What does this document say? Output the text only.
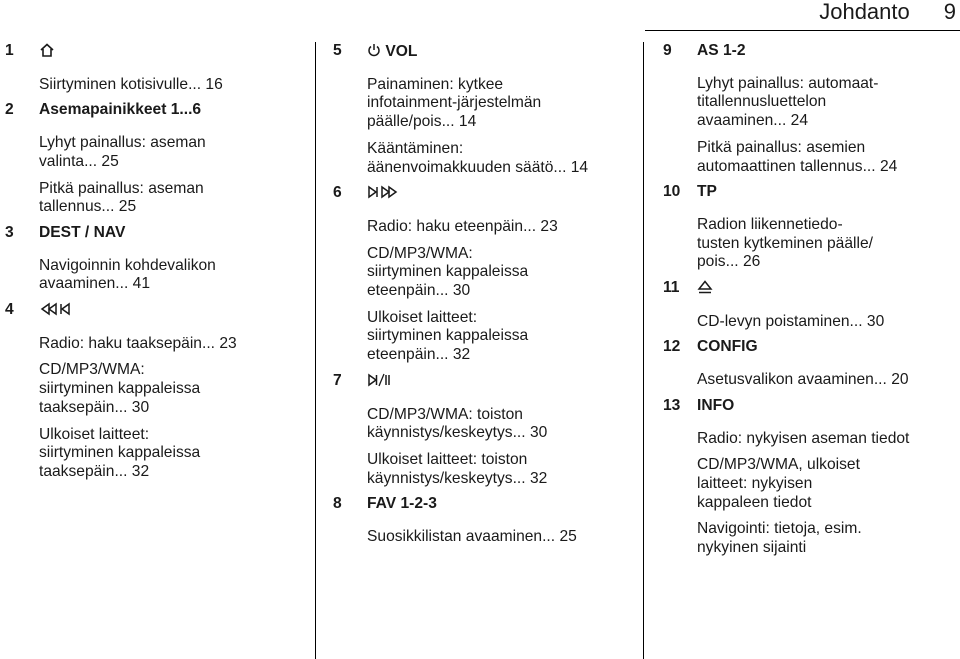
Johdanto 9
1
Siirtyminen kotisivulle... 16
2 Asemapainikkeet 1...6
Lyhyt painallus: aseman
valinta... 25
Pitkä painallus: aseman
tallennus... 25
3 DEST / NAV
Navigoinnin kohdevalikon
avaaminen... 41
4
Radio: haku taaksepäin... 23
CD/MP3/WMA:
siirtyminen kappaleissa
taaksepäin... 30
Ulkoiset laitteet:
siirtyminen kappaleissa
taaksepäin... 32
5	VOL
Painaminen: kytkee
infotainment-järjestelmän
päälle/pois... 14
Kääntäminen:
äänenvoimakkuuden säätö... 14
6
Radio: haku eteenpäin... 23
CD/MP3/WMA:
siirtyminen kappaleissa
eteenpäin... 30
Ulkoiset laitteet:
siirtyminen kappaleissa
eteenpäin... 32
7
CD/MP3/WMA: toiston
käynnistys/keskeytys... 30
Ulkoiset laitteet: toiston
käynnistys/keskeytys... 32
8 FAV 1-2-3
Suosikkilistan avaaminen... 25
9 AS 1-2
Lyhyt painallus: automaat-
titallennusluettelon
avaaminen... 24
Pitkä painallus: asemien
automaattinen tallennus... 24
10 TP
Radion liikennetiedo-
tusten kytkeminen päälle/
pois... 26
11
CD-levyn poistaminen... 30
12 CONFIG
Asetusvalikon avaaminen... 20
13 INFO
Radio: nykyisen aseman tiedot
CD/MP3/WMA, ulkoiset
laitteet: nykyisen
kappaleen tiedot
Navigointi: tietoja, esim.
nykyinen sijainti
